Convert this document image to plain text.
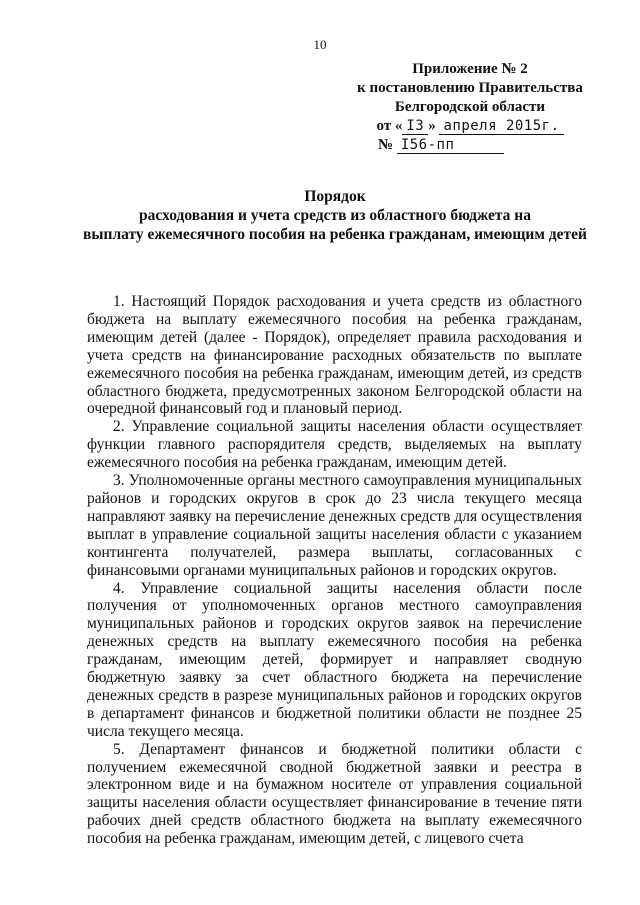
10
Приложение № 2
к постановлению Правительства
Белгородской области
от « I3 » апреля 2015г.
№ I56-пп
Порядок
расходования и учета средств из областного бюджета на
выплату ежемесячного пособия на ребенка гражданам, имеющим детей

1. Настоящий Порядок расходования и учета средств из областного бюджета на выплату ежемесячного пособия на ребенка гражданам, имеющим детей (далее - Порядок), определяет правила расходования и учета средств на финансирование расходных обязательств по выплате ежемесячного пособия на ребенка гражданам, имеющим детей, из средств областного бюджета, предусмотренных законом Белгородской области на очередной финансовый год и плановый период.

2. Управление социальной защиты населения области осуществляет функции главного распорядителя средств, выделяемых на выплату ежемесячного пособия на ребенка гражданам, имеющим детей.

3. Уполномоченные органы местного самоуправления муниципальных районов и городских округов в срок до 23 числа текущего месяца направляют заявку на перечисление денежных средств для осуществления выплат в управление социальной защиты населения области с указанием контингента получателей, размера выплаты, согласованных с финансовыми органами муниципальных районов и городских округов.

4. Управление социальной защиты населения области после получения от уполномоченных органов местного самоуправления муниципальных районов и городских округов заявок на перечисление денежных средств на выплату ежемесячного пособия на ребенка гражданам, имеющим детей, формирует и направляет сводную бюджетную заявку за счет областного бюджета на перечисление денежных средств в разрезе муниципальных районов и городских округов в департамент финансов и бюджетной политики области не позднее 25 числа текущего месяца.

5. Департамент финансов и бюджетной политики области с получением ежемесячной сводной бюджетной заявки и реестра в электронном виде и на бумажном носителе от управления социальной защиты населения области осуществляет финансирование в течение пяти рабочих дней средств областного бюджета на выплату ежемесячного пособия на ребенка гражданам, имеющим детей, с лицевого счета
